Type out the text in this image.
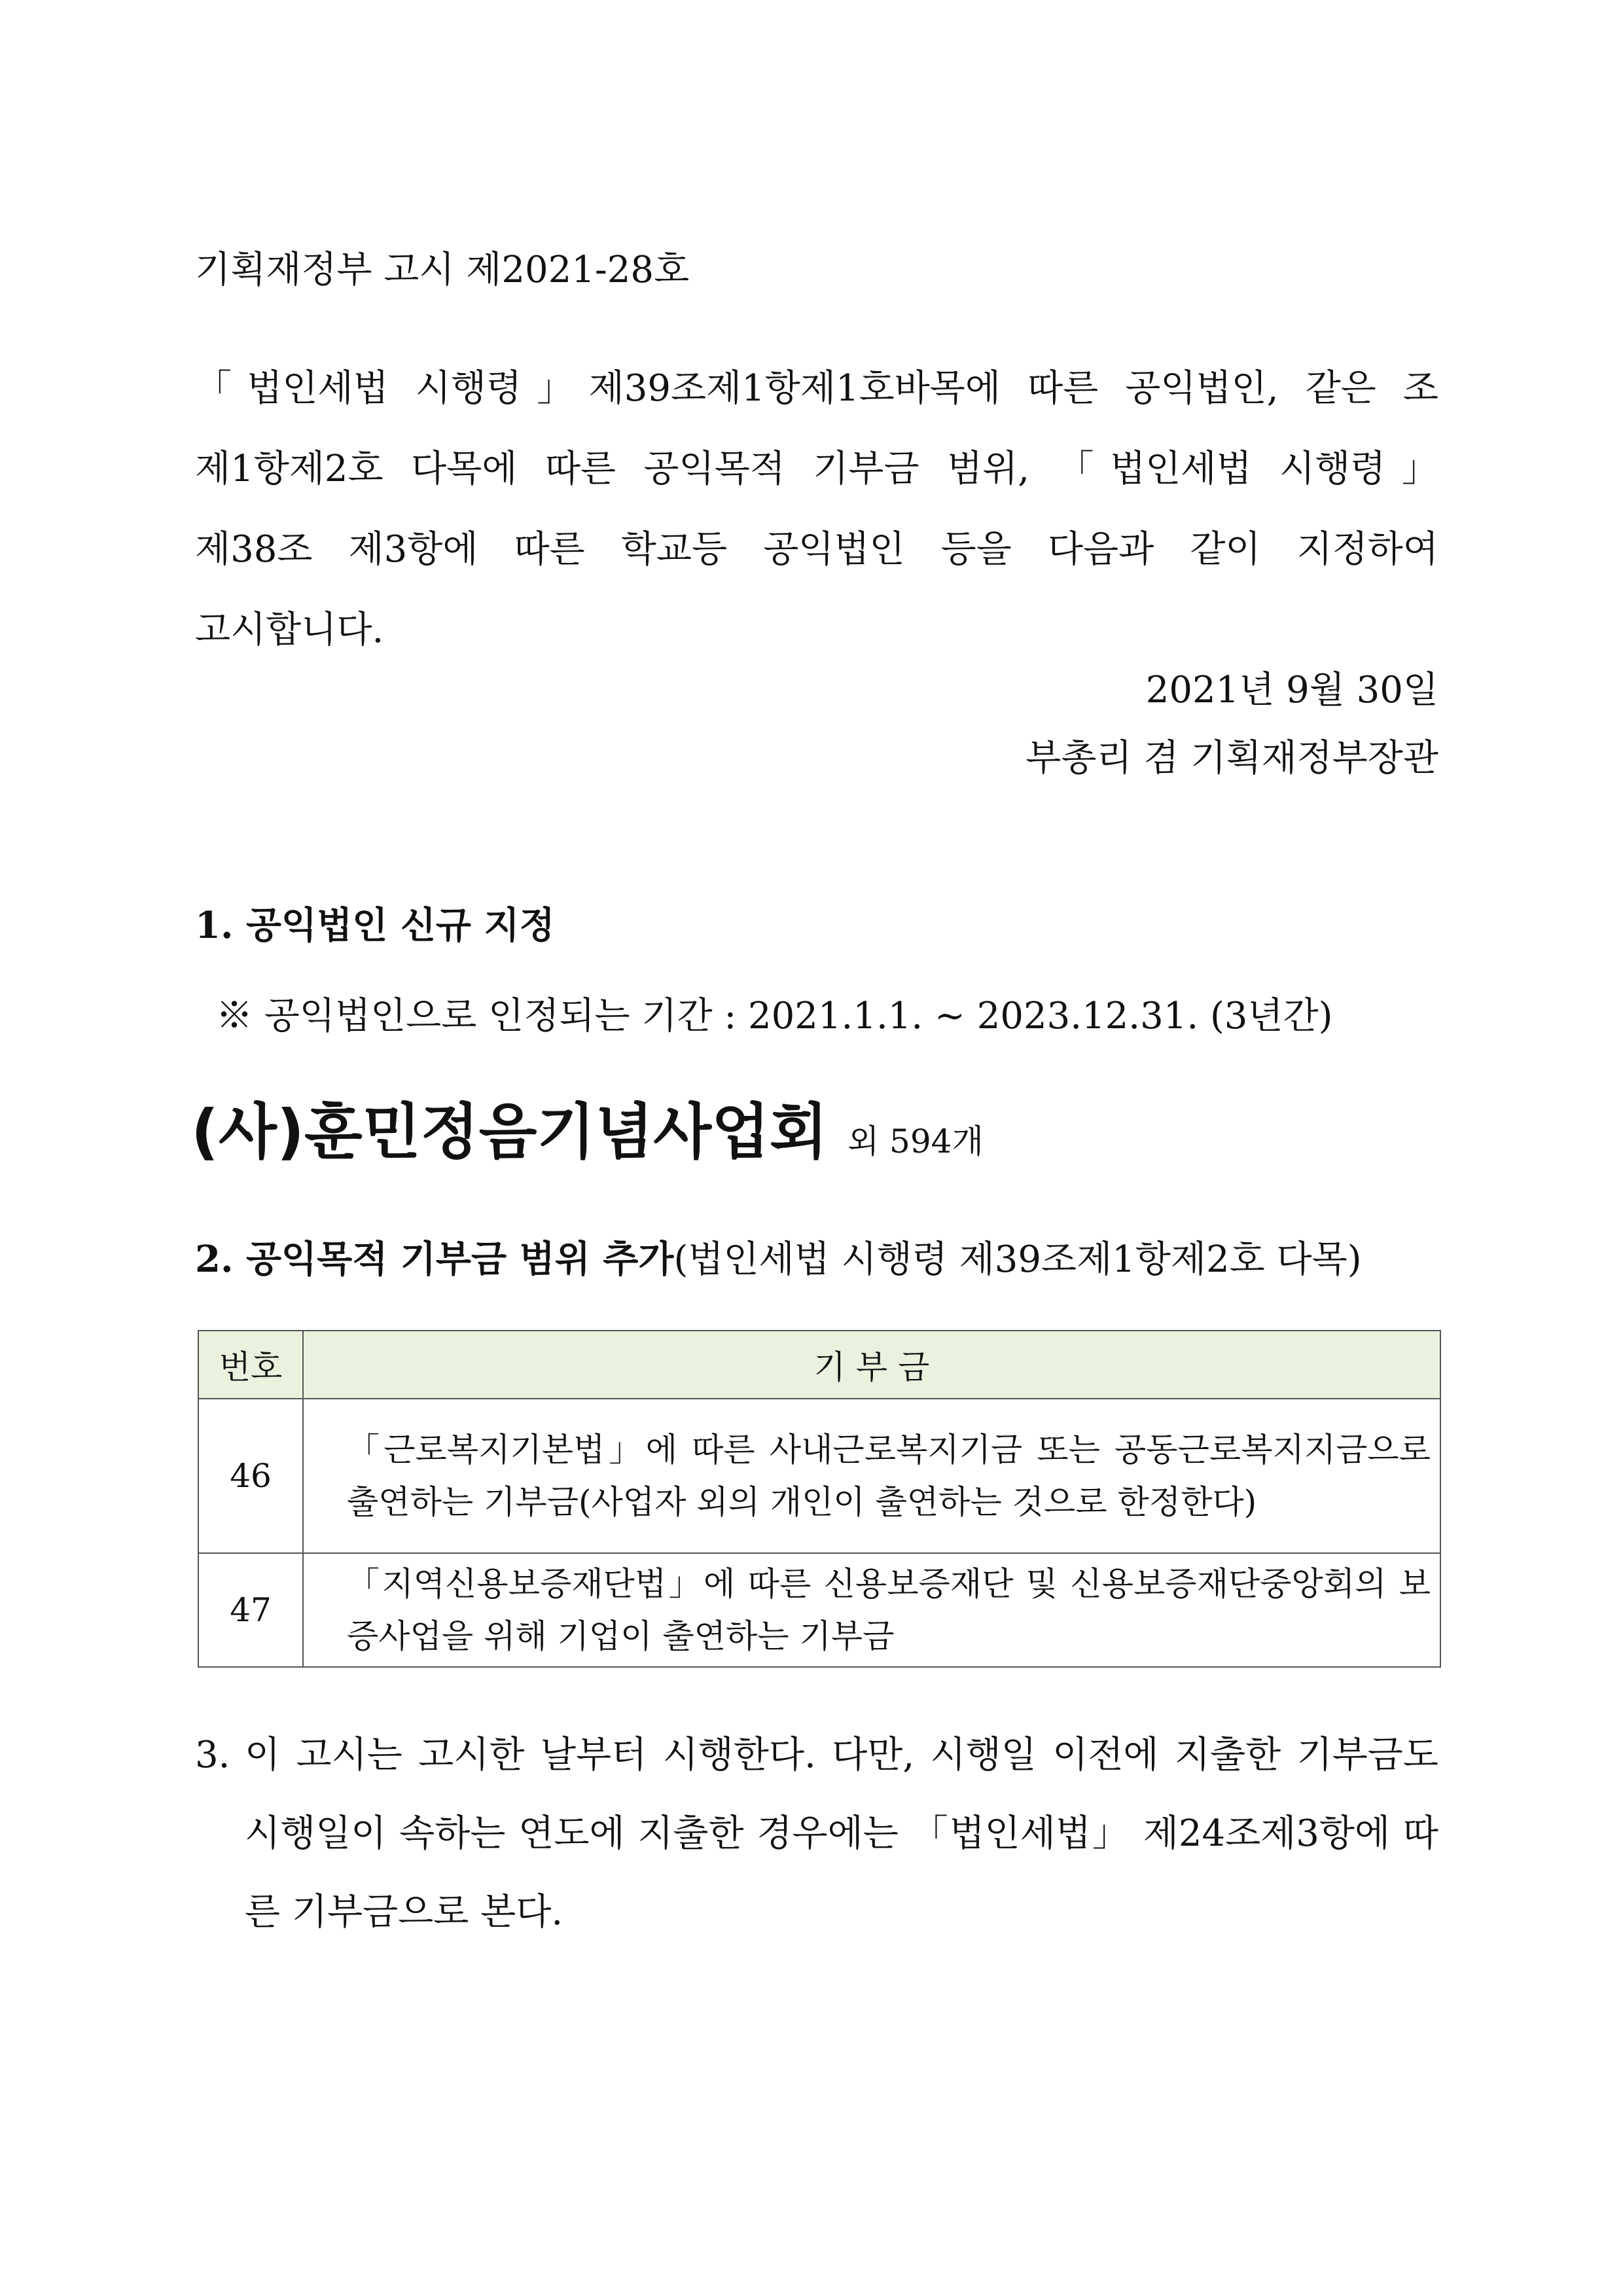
기획재정부 고시 제2021-28호
「법인세법 시행령」제39조제1항제1호바목에 따른 공익법인, 같은 조
제1항제2호 다목에 따른 공익목적 기부금 범위, 「법인세법 시행령」
제38조 제3항에 따른 학교등 공익법인 등을 다음과 같이 지정하여
고시합니다.
2021년 9월 30일
부총리 겸 기획재정부장관
1. 공익법인 신규 지정
※ 공익법인으로 인정되는 기간 : 2021.1.1. ~ 2023.12.31. (3년간)
(사)훈민정음기념사업회 외 594개
2. 공익목적 기부금 범위 추가(법인세법 시행령 제39조제1항제2호 다목)
번호	기 부 금
46	「근로복지기본법」에 따른 사내근로복지기금 또는 공동근로복지지금으로 출연하는 기부금(사업자 외의 개인이 출연하는 것으로 한정한다)
47	「지역신용보증재단법」에 따른 신용보증재단 및 신용보증재단중앙회의 보증사업을 위해 기업이 출연하는 기부금
3. 이 고시는 고시한 날부터 시행한다. 다만, 시행일 이전에 지출한 기부금도 시행일이 속하는 연도에 지출한 경우에는 「법인세법」 제24조제3항에 따른 기부금으로 본다.
